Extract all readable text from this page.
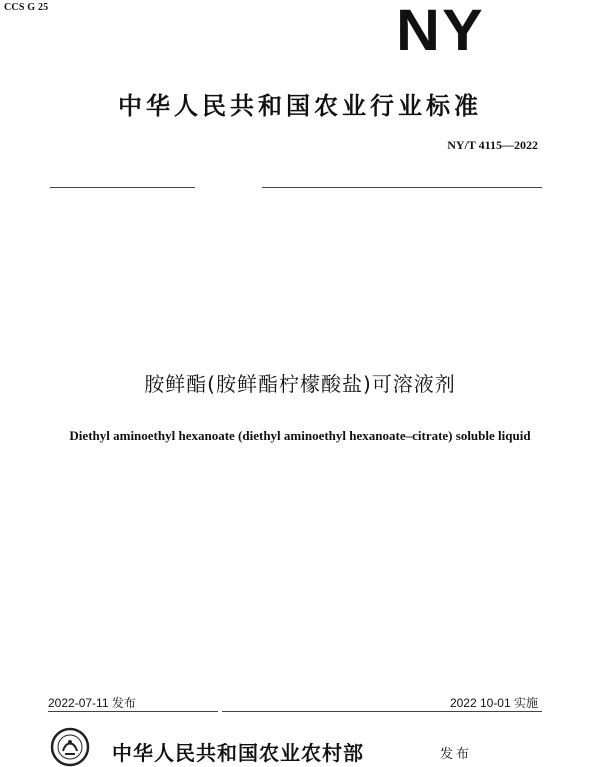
CCS G 25	NY
中华人民共和国农业行业标准
NY/T 4115—2022
胺鲜酯(胺鲜酯柠檬酸盐)可溶液剂
Diethyl aminoethyl hexanoate (diethyl aminoethyl hexanoate–citrate) soluble liquid
2022-07-11 发布	2022 10-01 实施
中华人民共和国农业农村部	发布
